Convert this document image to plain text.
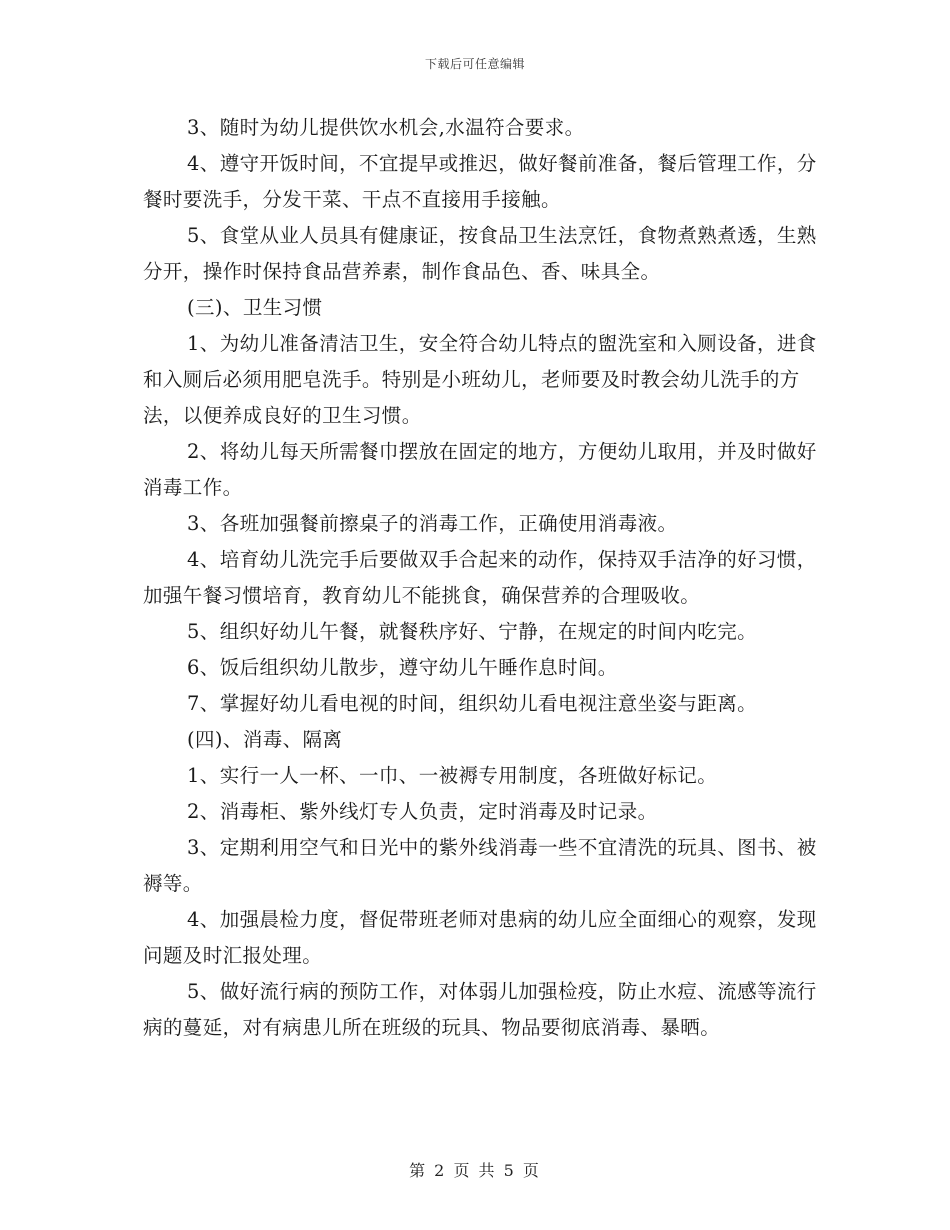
下载后可任意编辑

3、随时为幼儿提供饮水机会,水温符合要求。

4、遵守开饭时间，不宜提早或推迟，做好餐前准备，餐后管理工作，分餐时要洗手，分发干菜、干点不直接用手接触。

5、食堂从业人员具有健康证，按食品卫生法烹饪，食物煮熟煮透，生熟分开，操作时保持食品营养素，制作食品色、香、味具全。

(三)、卫生习惯

1、为幼儿准备清洁卫生，安全符合幼儿特点的盥洗室和入厕设备，进食和入厕后必须用肥皂洗手。特别是小班幼儿，老师要及时教会幼儿洗手的方法，以便养成良好的卫生习惯。

2、将幼儿每天所需餐巾摆放在固定的地方，方便幼儿取用，并及时做好消毒工作。

3、各班加强餐前擦桌子的消毒工作，正确使用消毒液。

4、培育幼儿洗完手后要做双手合起来的动作，保持双手洁净的好习惯，加强午餐习惯培育，教育幼儿不能挑食，确保营养的合理吸收。

5、组织好幼儿午餐，就餐秩序好、宁静，在规定的时间内吃完。

6、饭后组织幼儿散步，遵守幼儿午睡作息时间。

7、掌握好幼儿看电视的时间，组织幼儿看电视注意坐姿与距离。

(四)、消毒、隔离

1、实行一人一杯、一巾、一被褥专用制度，各班做好标记。

2、消毒柜、紫外线灯专人负责，定时消毒及时记录。

3、定期利用空气和日光中的紫外线消毒一些不宜清洗的玩具、图书、被褥等。

4、加强晨检力度，督促带班老师对患病的幼儿应全面细心的观察，发现问题及时汇报处理。

5、做好流行病的预防工作，对体弱儿加强检疫，防止水痘、流感等流行病的蔓延，对有病患儿所在班级的玩具、物品要彻底消毒、暴晒。

第 2 页 共 5 页
